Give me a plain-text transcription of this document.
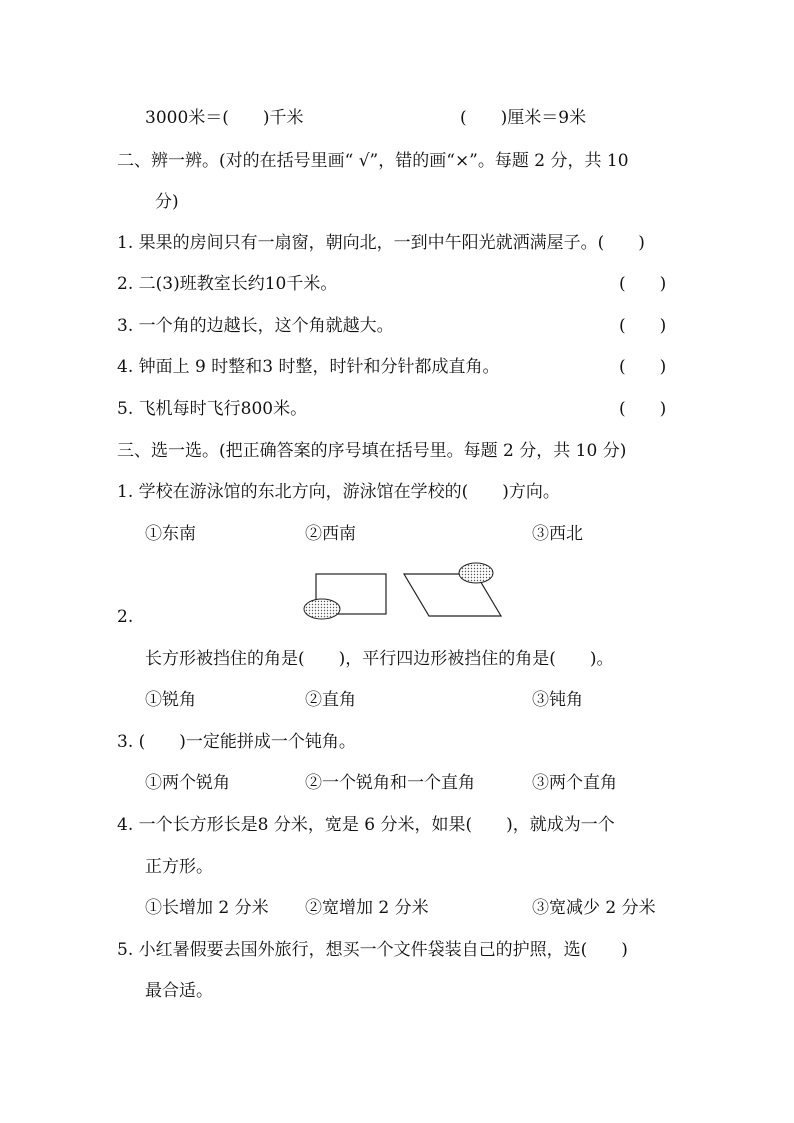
3000米＝(　　)千米	(　　)厘米＝9米
二、辨一辨。(对的在括号里画“ √”，错的画“×”。每题 2 分，共 10
分)
1. 果果的房间只有一扇窗，朝向北，一到中午阳光就洒满屋子。(　　)
2. 二(3)班教室长约10千米。	(　　)
3. 一个角的边越长，这个角就越大。	(　　)
4. 钟面上 9 时整和3 时整，时针和分针都成直角。	(　　)
5. 飞机每时飞行800米。	(　　)
三、选一选。(把正确答案的序号填在括号里。每题 2 分，共 10 分)
1. 学校在游泳馆的东北方向，游泳馆在学校的(　　)方向。
①东南	②西南	③西北
2.
长方形被挡住的角是(　　)，平行四边形被挡住的角是(　　)。
①锐角	②直角	③钝角
3. (　　)一定能拼成一个钝角。
①两个锐角	②一个锐角和一个直角	③两个直角
4. 一个长方形长是8 分米，宽是 6 分米，如果(　　)，就成为一个
正方形。
①长增加 2 分米 ②宽增加 2 分米	③宽减少 2 分米
5. 小红暑假要去国外旅行，想买一个文件袋装自己的护照，选(　　)
最合适。
